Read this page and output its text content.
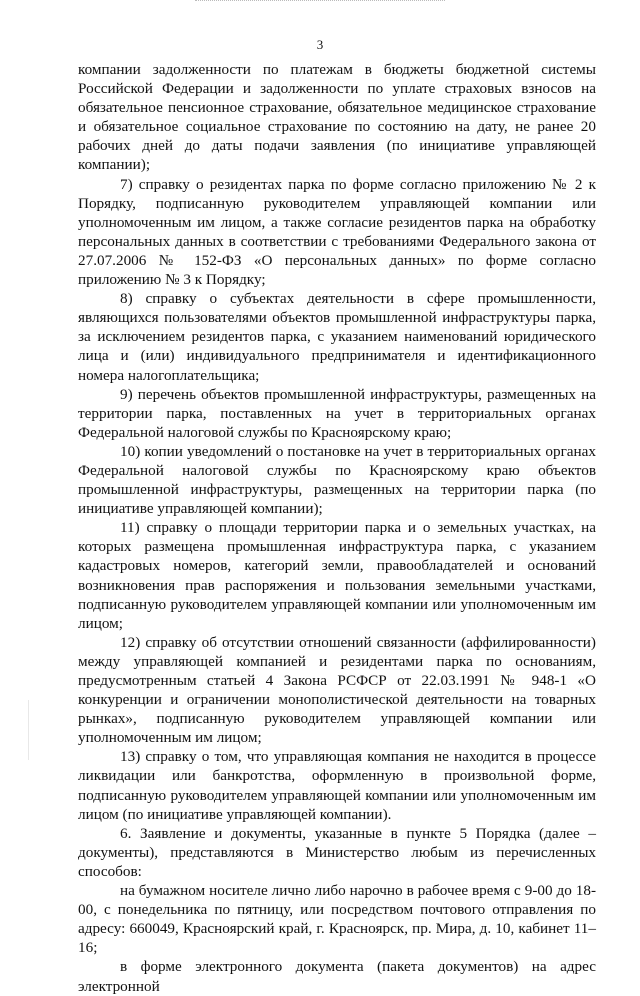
3

компании задолженности по платежам в бюджеты бюджетной системы Российской Федерации и задолженности по уплате страховых взносов на обязательное пенсионное страхование, обязательное медицинское страхование и обязательное социальное страхование по состоянию на дату, не ранее 20 рабочих дней до даты подачи заявления (по инициативе управляющей компании);

7) справку о резидентах парка по форме согласно приложению № 2 к Порядку, подписанную руководителем управляющей компании или уполномоченным им лицом, а также согласие резидентов парка на обработку персональных данных в соответствии с требованиями Федерального закона от 27.07.2006 № 152-ФЗ «О персональных данных» по форме согласно приложению № 3 к Порядку;

8) справку о субъектах деятельности в сфере промышленности, являющихся пользователями объектов промышленной инфраструктуры парка, за исключением резидентов парка, с указанием наименований юридического лица и (или) индивидуального предпринимателя и идентификационного номера налогоплательщика;

9) перечень объектов промышленной инфраструктуры, размещенных на территории парка, поставленных на учет в территориальных органах Федеральной налоговой службы по Красноярскому краю;

10) копии уведомлений о постановке на учет в территориальных органах Федеральной налоговой службы по Красноярскому краю объектов промышленной инфраструктуры, размещенных на территории парка (по инициативе управляющей компании);

11) справку о площади территории парка и о земельных участках, на которых размещена промышленная инфраструктура парка, с указанием кадастровых номеров, категорий земли, правообладателей и оснований возникновения прав распоряжения и пользования земельными участками, подписанную руководителем управляющей компании или уполномоченным им лицом;

12) справку об отсутствии отношений связанности (аффилированности) между управляющей компанией и резидентами парка по основаниям, предусмотренным статьей 4 Закона РСФСР от 22.03.1991 № 948-1 «О конкуренции и ограничении монополистической деятельности на товарных рынках», подписанную руководителем управляющей компании или уполномоченным им лицом;

13) справку о том, что управляющая компания не находится в процессе ликвидации или банкротства, оформленную в произвольной форме, подписанную руководителем управляющей компании или уполномоченным им лицом (по инициативе управляющей компании).

6. Заявление и документы, указанные в пункте 5 Порядка (далее – документы), представляются в Министерство любым из перечисленных способов:

на бумажном носителе лично либо нарочно в рабочее время с 9-00 до 18-00, с понедельника по пятницу, или посредством почтового отправления по адресу: 660049, Красноярский край, г. Красноярск, пр. Мира, д. 10, кабинет 11–16;

в форме электронного документа (пакета документов) на адрес электронной
